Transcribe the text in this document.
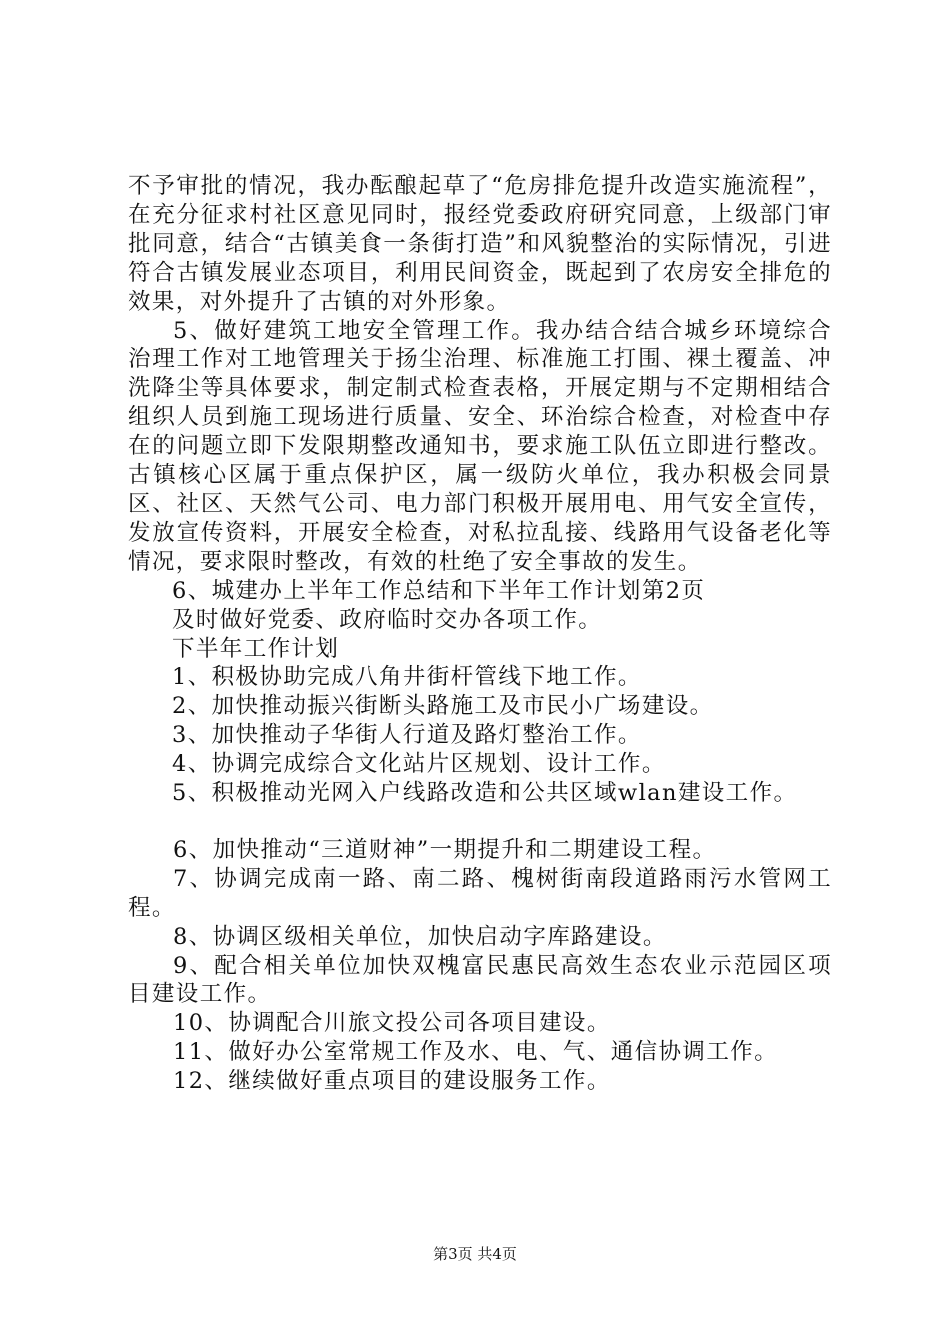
不予审批的情况，我办酝酿起草了“危房排危提升改造实施流程”，在充分征求村社区意见同时，报经党委政府研究同意，上级部门审批同意，结合“古镇美食一条街打造”和风貌整治的实际情况，引进符合古镇发展业态项目，利用民间资金，既起到了农房安全排危的效果，对外提升了古镇的对外形象。

5、做好建筑工地安全管理工作。我办结合结合城乡环境综合治理工作对工地管理关于扬尘治理、标准施工打围、裸土覆盖、冲洗降尘等具体要求，制定制式检查表格，开展定期与不定期相结合组织人员到施工现场进行质量、安全、环治综合检查，对检查中存在的问题立即下发限期整改通知书，要求施工队伍立即进行整改。古镇核心区属于重点保护区，属一级防火单位，我办积极会同景区、社区、天然气公司、电力部门积极开展用电、用气安全宣传，发放宣传资料，开展安全检查，对私拉乱接、线路用气设备老化等情况，要求限时整改，有效的杜绝了安全事故的发生。

6、城建办上半年工作总结和下半年工作计划第2页

及时做好党委、政府临时交办各项工作。

下半年工作计划

1、积极协助完成八角井街杆管线下地工作。

2、加快推动振兴街断头路施工及市民小广场建设。

3、加快推动子华街人行道及路灯整治工作。

4、协调完成综合文化站片区规划、设计工作。

5、积极推动光网入户线路改造和公共区域wlan建设工作。

6、加快推动“三道财神”一期提升和二期建设工程。

7、协调完成南一路、南二路、槐树街南段道路雨污水管网工程。

8、协调区级相关单位，加快启动字库路建设。

9、配合相关单位加快双槐富民惠民高效生态农业示范园区项目建设工作。

10、协调配合川旅文投公司各项目建设。

11、做好办公室常规工作及水、电、气、通信协调工作。

12、继续做好重点项目的建设服务工作。

第3页 共4页
